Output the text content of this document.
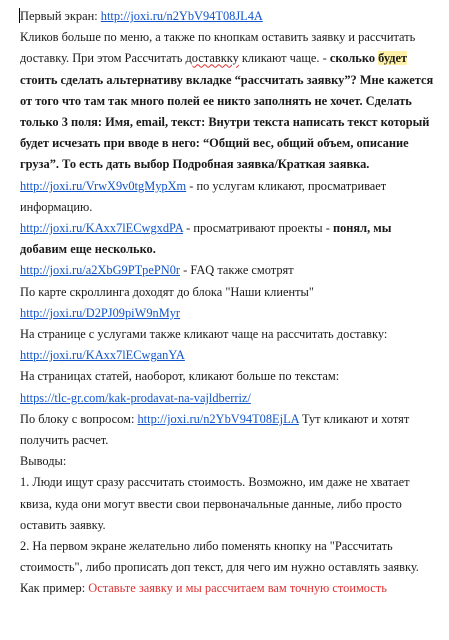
Первый экран: http://joxi.ru/n2YbV94T08JL4A

Кликов больше по меню, а также по кнопкам оставить заявку и рассчитать доставку. При этом Рассчитать доставкку кликают чаще. - сколько будет стоить сделать альтернативу вкладке “рассчитать заявку”? Мне кажется от того что там так много полей ее никто заполнять не хочет. Сделать только 3 поля: Имя, email, текст: Внутри текста написать текст который будет исчезать при вводе в него: “Общий вес, общий объем, описание груза”. То есть дать выбор Подробная заявка/Краткая заявка.

http://joxi.ru/VrwX9v0tgMypXm - по услугам кликают, просматривает информацию.

http://joxi.ru/KAxx7lECwgxdPA - просматривают проекты - понял, мы добавим еще несколько.

http://joxi.ru/a2XbG9PTpePN0r - FAQ также смотрят

По карте скроллинга доходят до блока "Наши клиенты"

http://joxi.ru/D2PJ09piW9nMyr

На странице с услугами также кликают чаще на рассчитать доставку:

http://joxi.ru/KAxx7lECwganYA

На страницах статей, наоборот, кликают больше по текстам:

https://tlc-gr.com/kak-prodavat-na-vajldberriz/

По блоку с вопросом: http://joxi.ru/n2YbV94T08EjLA Тут кликают и хотят получить расчет.

Выводы:

1. Люди ищут сразу рассчитать стоимость. Возможно, им даже не хватает квиза, куда они могут ввести свои первоначальные данные, либо просто оставить заявку.

2. На первом экране желательно либо поменять кнопку на "Рассчитать стоимость", либо прописать доп текст, для чего им нужно оставлять заявку.

Как пример: Оставьте заявку и мы рассчитаем вам точную стоимость
